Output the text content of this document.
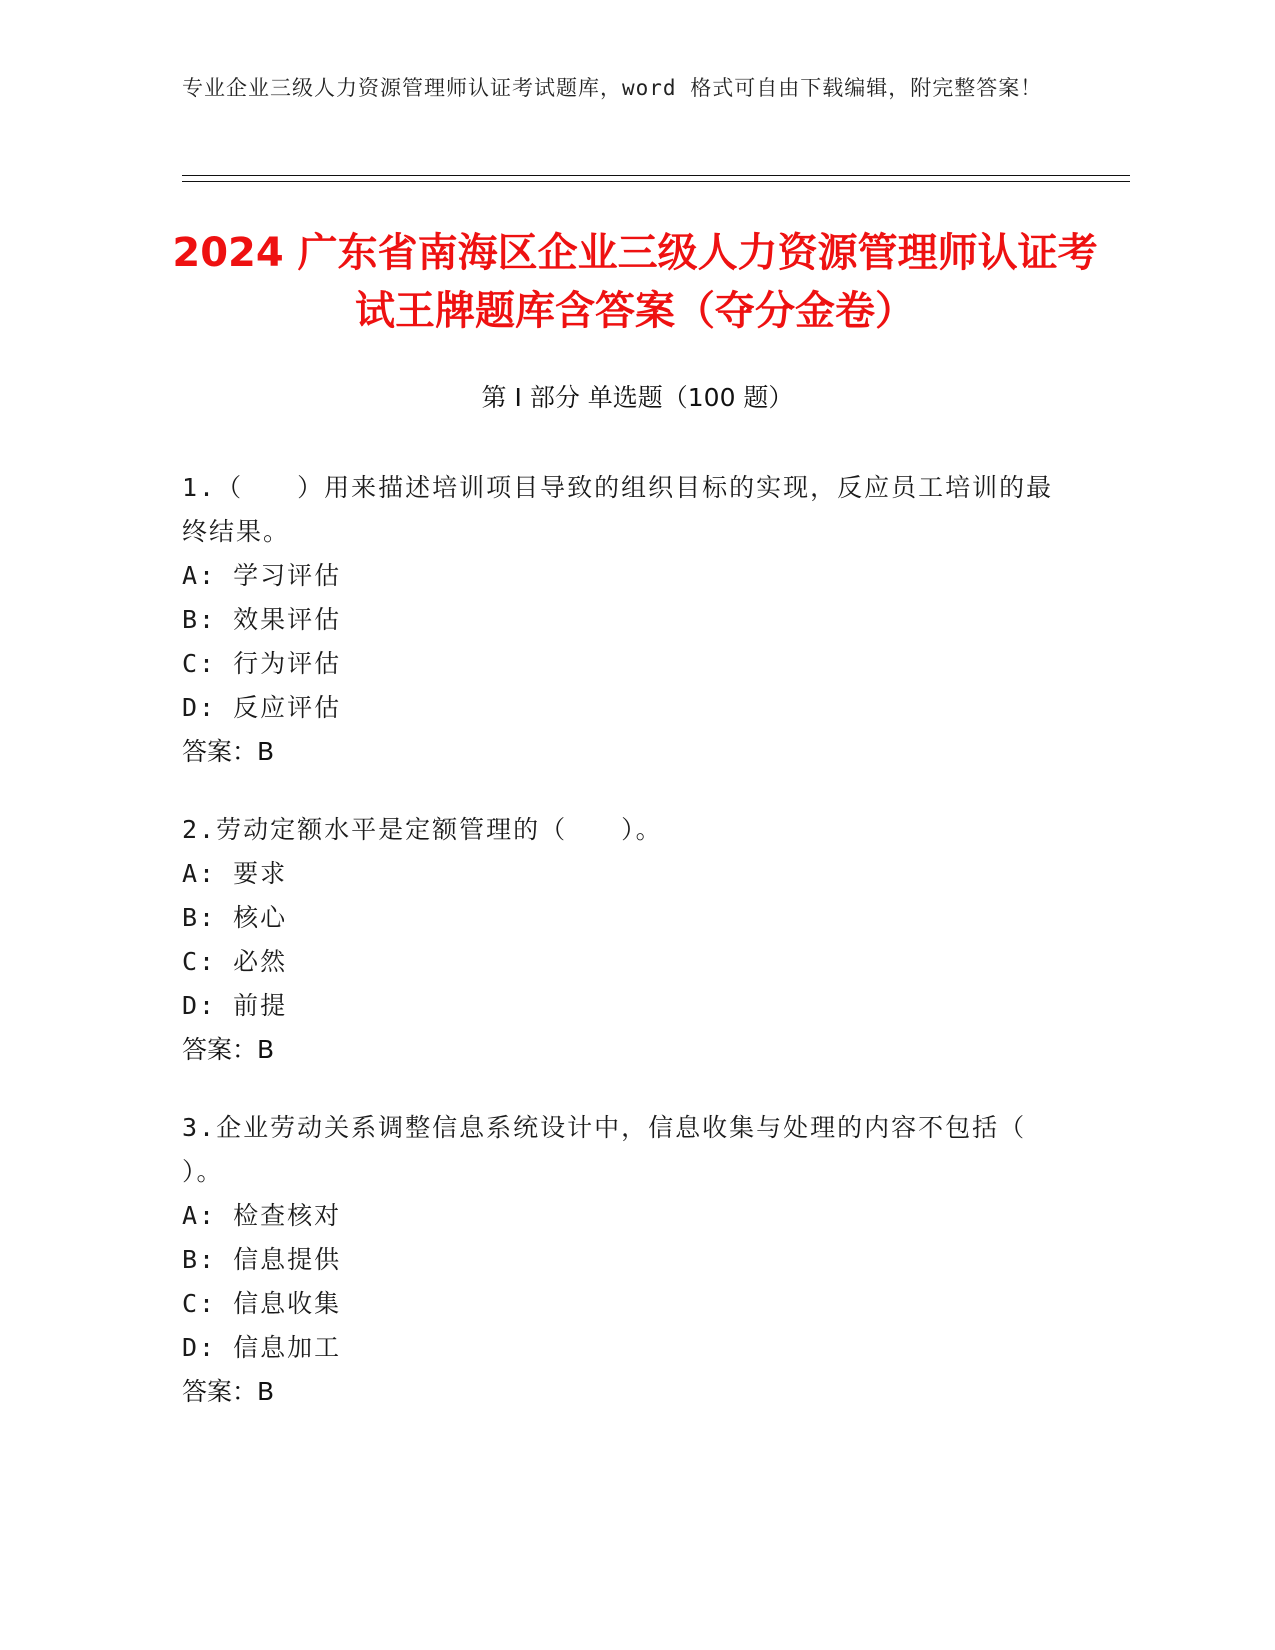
专业企业三级人力资源管理师认证考试题库，word 格式可自由下载编辑，附完整答案！
2024 广东省南海区企业三级人力资源管理师认证考试王牌题库含答案（夺分金卷）
第 I 部分 单选题（100 题）
1.（　　）用来描述培训项目导致的组织目标的实现，反应员工培训的最终结果。
A: 学习评估
B: 效果评估
C: 行为评估
D: 反应评估
答案：B
2.劳动定额水平是定额管理的（　　）。
A: 要求
B: 核心
C: 必然
D: 前提
答案：B
3.企业劳动关系调整信息系统设计中，信息收集与处理的内容不包括（ ）。
A: 检查核对
B: 信息提供
C: 信息收集
D: 信息加工
答案：B
